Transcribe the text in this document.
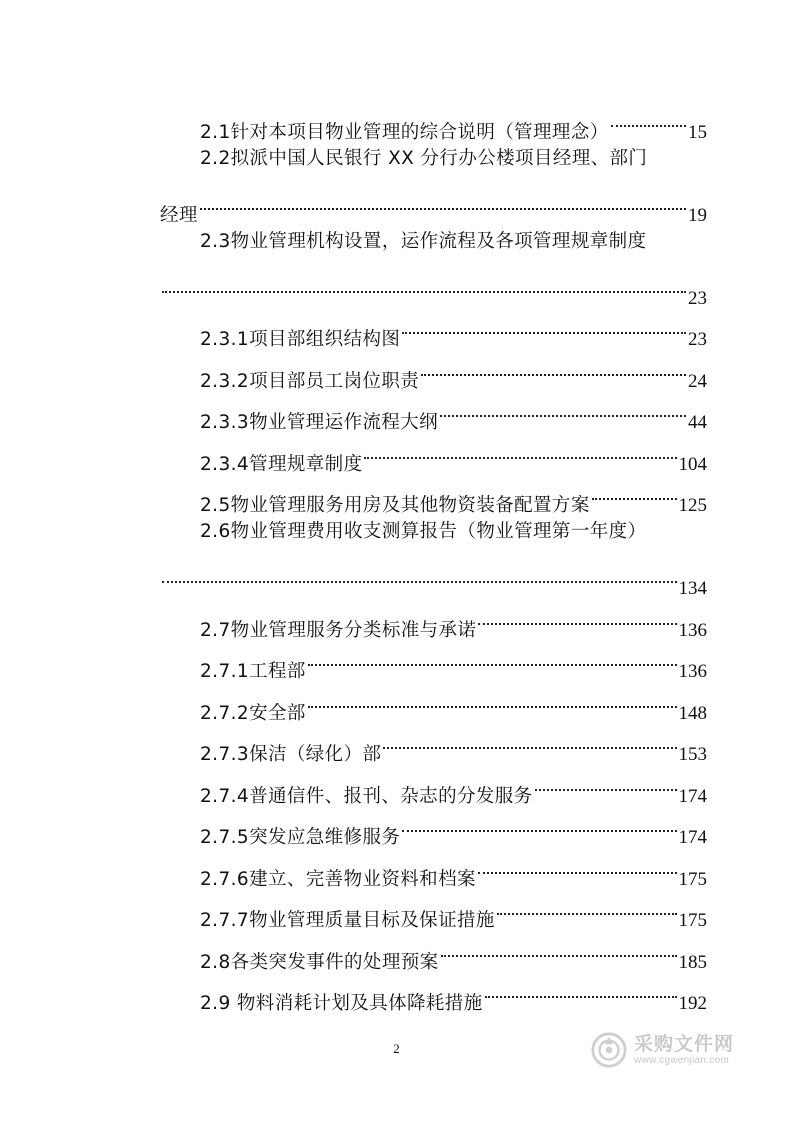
2.1针对本项目物业管理的综合说明（管理理念）	15
2.2拟派中国人民银行 XX 分行办公楼项目经理、部门
经理	19
2.3物业管理机构设置，运作流程及各项管理规章制度
23
2.3.1项目部组织结构图	23
2.3.2项目部员工岗位职责	24
2.3.3物业管理运作流程大纲	44
2.3.4管理规章制度	104
2.5物业管理服务用房及其他物资装备配置方案	125
2.6物业管理费用收支测算报告（物业管理第一年度）
134
2.7物业管理服务分类标准与承诺	136
2.7.1工程部	136
2.7.2安全部	148
2.7.3保洁（绿化）部	153
2.7.4普通信件、报刊、杂志的分发服务	174
2.7.5突发应急维修服务	174
2.7.6建立、完善物业资料和档案	175
2.7.7物业管理质量目标及保证措施	175
2.8各类突发事件的处理预案	185
2.9 物料消耗计划及具体降耗措施	192
2	采购文件网
www.cgwenjian.com
